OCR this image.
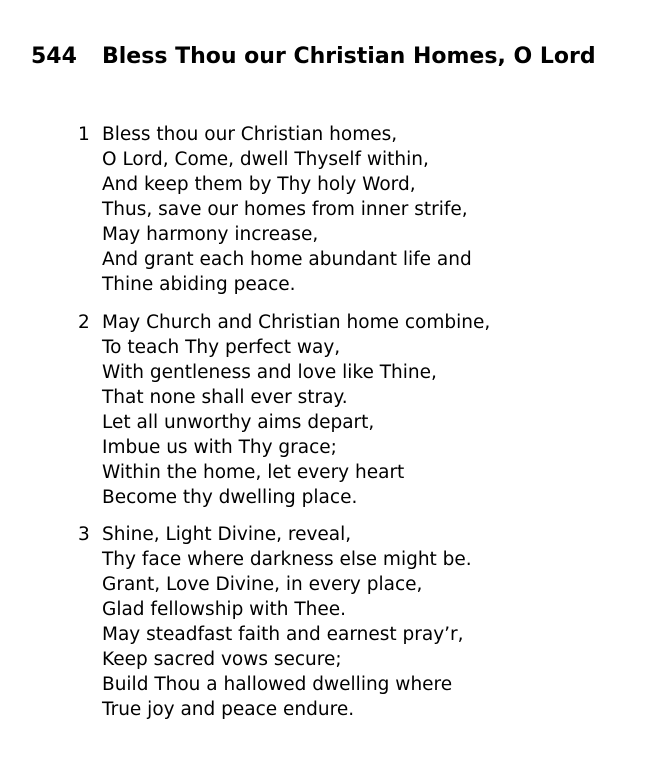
544 Bless Thou our Christian Homes, O Lord
1 Bless thou our Christian homes,
O Lord, Come, dwell Thyself within,
And keep them by Thy holy Word,
Thus, save our homes from inner strife,
May harmony increase,
And grant each home abundant life and
Thine abiding peace.
2 May Church and Christian home combine,
To teach Thy perfect way,
With gentleness and love like Thine,
That none shall ever stray.
Let all unworthy aims depart,
Imbue us with Thy grace;
Within the home, let every heart
Become thy dwelling place.
3 Shine, Light Divine, reveal,
Thy face where darkness else might be.
Grant, Love Divine, in every place,
Glad fellowship with Thee.
May steadfast faith and earnest pray’r,
Keep sacred vows secure;
Build Thou a hallowed dwelling where
True joy and peace endure.
